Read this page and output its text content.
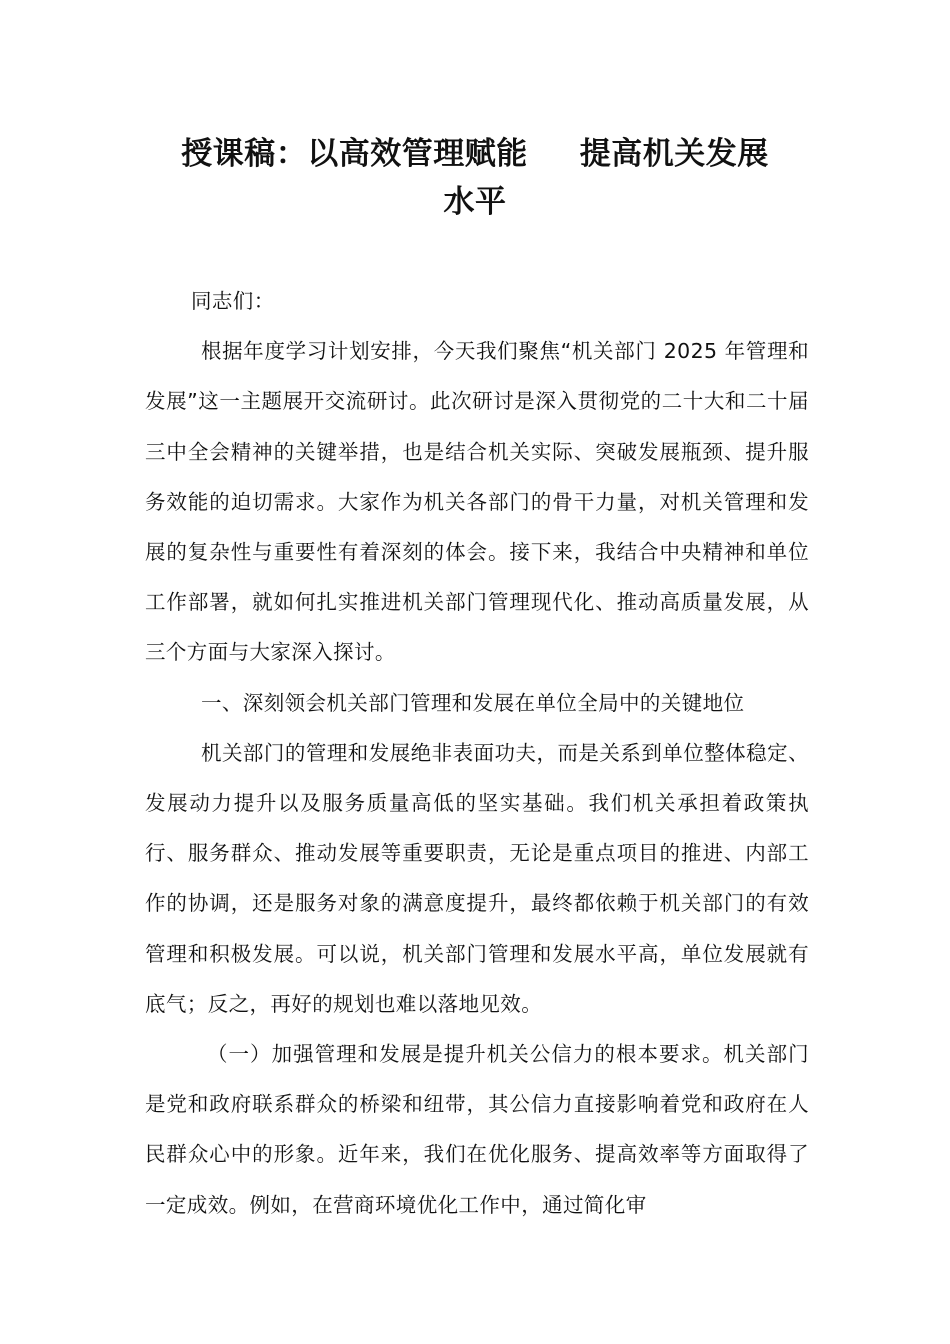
授课稿：以高效管理赋能 提高机关发展
水平

同志们：

根据年度学习计划安排，今天我们聚焦“机关部门 2025 年管理和发展”这一主题展开交流研讨。此次研讨是深入贯彻党的二十大和二十届三中全会精神的关键举措，也是结合机关实际、突破发展瓶颈、提升服务效能的迫切需求。大家作为机关各部门的骨干力量，对机关管理和发展的复杂性与重要性有着深刻的体会。接下来，我结合中央精神和单位工作部署，就如何扎实推进机关部门管理现代化、推动高质量发展，从三个方面与大家深入探讨。

一、深刻领会机关部门管理和发展在单位全局中的关键地位

机关部门的管理和发展绝非表面功夫，而是关系到单位整体稳定、发展动力提升以及服务质量高低的坚实基础。我们机关承担着政策执行、服务群众、推动发展等重要职责，无论是重点项目的推进、内部工作的协调，还是服务对象的满意度提升，最终都依赖于机关部门的有效管理和积极发展。可以说，机关部门管理和发展水平高，单位发展就有底气；反之，再好的规划也难以落地见效。

（一）加强管理和发展是提升机关公信力的根本要求。机关部门是党和政府联系群众的桥梁和纽带，其公信力直接影响着党和政府在人民群众心中的形象。近年来，我们在优化服务、提高效率等方面取得了一定成效。例如，在营商环境优化工作中，通过简化审
